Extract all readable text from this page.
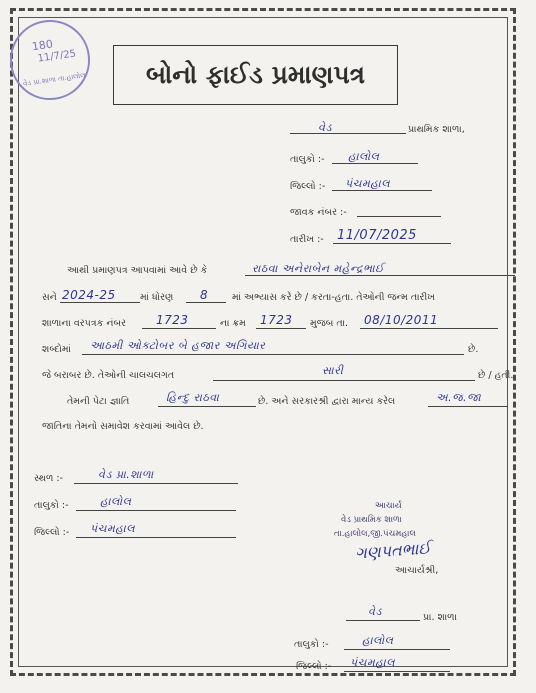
180
11/7/25
વેડ પ્રા.શાળા તા.હાલોલ	બોનો ફાઈડ પ્રમાણપત્ર
વેડ	પ્રાથમિક શાળા,
તાલુકો :- હાલોલ
જિલ્લો :- પંચમહાલ
જાવક નંબર :-
તારીખ :- 11/07/2025
આથી પ્રમાણપત્ર આપવામાં આવે છે કે	રાઠવા અનેરાબેન મહેન્દ્રભાઈ
સને 2024-25	માં ધોરણ 8	માં અભ્યાસ કરે છે / કરતા-હતા. તેઓની જન્મ તારીખ
શાળાના વરપત્રક નંબર	1723	ના ક્રમ 1723 મુજબ તા. 08/10/2011
શબ્દોમાં આઠમી ઓક્ટોબર બે હજાર અગિયાર	છે.
જે બરાબર છે. તેઓની ચાલચલગત	સારી	છે / હતી.
તેમની પેટા જ્ઞાતિ	હિન્દુ રાઠવા	છે. અને સરકારશ્રી દ્વારા માન્ય કરેલ	અ.જ.જા
જાતિના તેમનો સમાવેશ કરવામાં આવેલ છે.
સ્થળ :-	વેડ પ્રા.શાળા
તાલુકો :-	હાલોલ
જિલ્લો :- પંચમહાલ
આચાર્ય
વેડ પ્રાથમિક શાળા
તા.હાલોલ,જી.પંચમહાલ
ગણપતભાઈ
આચાર્યશ્રી,
વેડ	પ્રા. શાળા
તાલુકો :-	હાલોલ
જિલ્લો :- પંચમહાલ
